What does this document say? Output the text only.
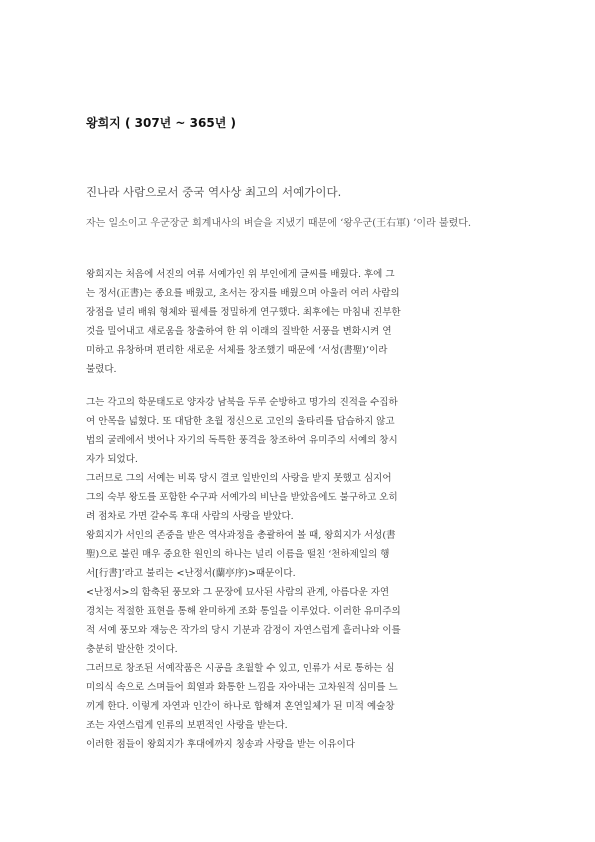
왕희지 ( 307년 ~ 365년 )
진나라 사람으로서 중국 역사상 최고의 서예가이다.
자는 일소이고 우군장군 회계내사의 벼슬을 지냈기 때문에 ‘왕우군(王右軍) ’이라 불렸다.
왕희지는 처음에 서진의 여류 서예가인 위 부인에게 글씨를 배웠다. 후에 그
는 정서(正書)는 종요를 배웠고, 초서는 장지를 배웠으며 아울러 여러 사람의
장점을 널리 배워 형체와 필세를 정밀하게 연구했다. 최후에는 마침내 진부한
것을 밀어내고 새로움을 창출하여 한 위 이래의 질박한 서풍을 변화시켜 연
미하고 유창하며 편리한 새로운 서체를 창조했기 때문에 ‘서성(書聖)’이라
불렸다.
그는 각고의 학문태도로 양자강 남북을 두루 순방하고 명가의 진적을 수집하
여 안목을 넓혔다. 또 대담한 초월 정신으로 고인의 울타리를 답습하지 않고
법의 굴레에서 벗어나 자기의 독특한 풍격을 창조하여 유미주의 서예의 창시
자가 되었다.
그러므로 그의 서예는 비록 당시 결코 일반인의 사랑을 받지 못했고 심지어
그의 숙부 왕도를 포함한 수구파 서예가의 비난을 받았음에도 불구하고 오히
려 점차로 가면 갈수록 후대 사람의 사랑을 받았다.
왕희지가 서인의 존중을 받은 역사과정을 총괄하여 볼 때, 왕희지가 서성(書
聖)으로 불린 매우 중요한 원인의 하나는 널리 이름을 떨친 ‘천하제일의 행
서[行書]’라고 불리는 <난정서(蘭亭序)>때문이다.
<난정서>의 함축된 풍모와 그 문장에 묘사된 사람의 관계, 아름다운 자연
경치는 적절한 표현을 통해 완미하게 조화 통일을 이루었다. 이러한 유미주의
적 서예 풍모와 재능은 작가의 당시 기분과 감정이 자연스럽게 흘러나와 이를
충분히 발산한 것이다.
그러므로 창조된 서예작품은 시공을 초월할 수 있고, 인류가 서로 통하는 심
미의식 속으로 스며들어 희열과 화통한 느낌을 자아내는 고차원적 심미를 느
끼게 한다. 이렇게 자연과 인간이 하나로 합해져 혼연일체가 된 미적 예술창
조는 자연스럽게 인류의 보편적인 사랑을 받는다.
이러한 점들이 왕희지가 후대에까지 칭송과 사랑을 받는 이유이다
